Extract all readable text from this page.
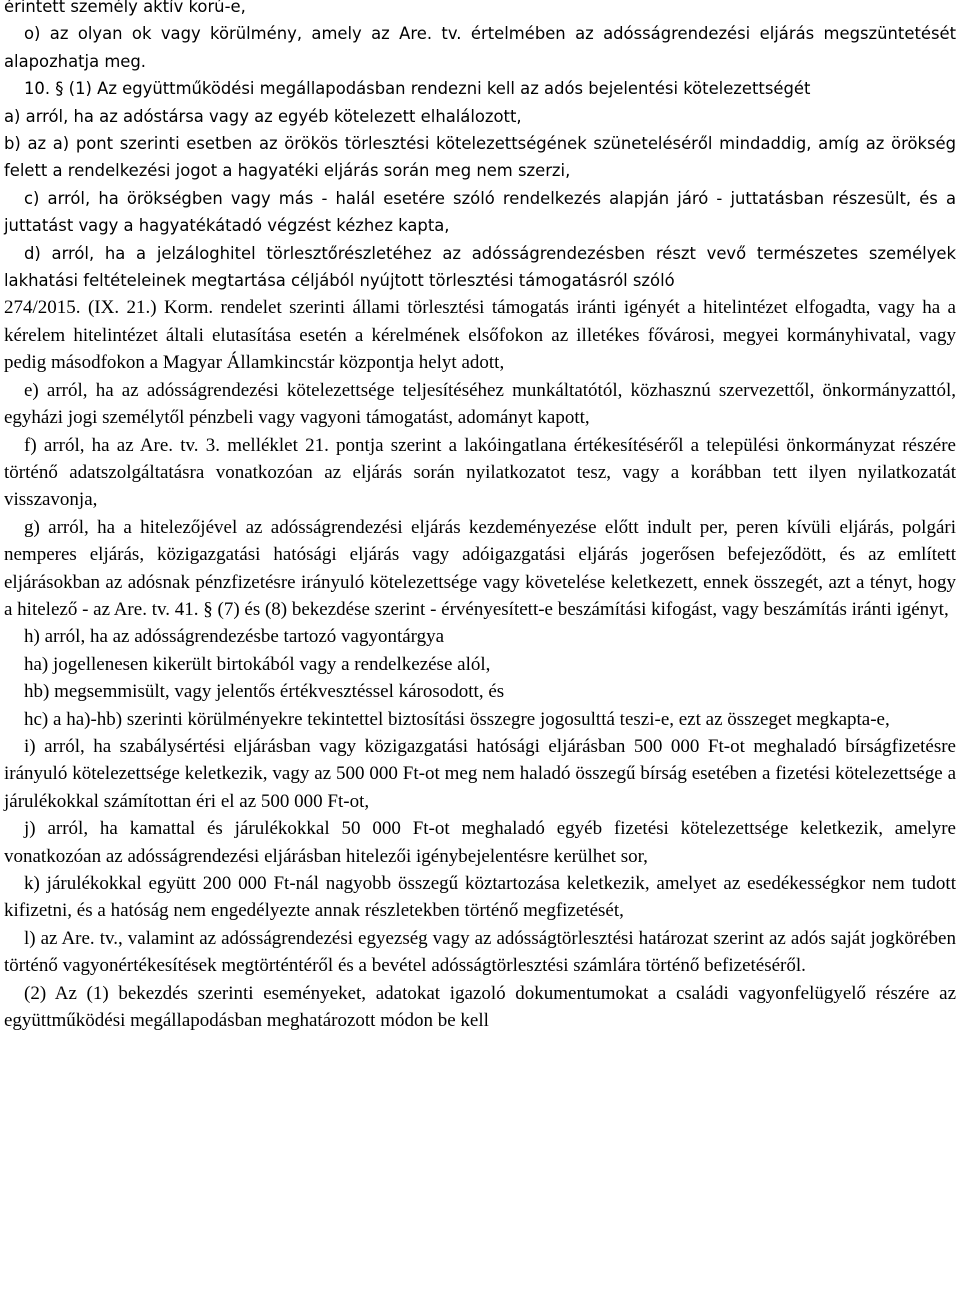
érintett személy aktív korú-e,

o) az olyan ok vagy körülmény, amely az Are. tv. értelmében az adósságrendezési eljárás megszüntetését alapozhatja meg.

10. § (1) Az együttműködési megállapodásban rendezni kell az adós bejelentési kötelezettségét

a) arról, ha az adóstársa vagy az egyéb kötelezett elhalálozott,

b) az a) pont szerinti esetben az örökös törlesztési kötelezettségének szüneteléséről mindaddig, amíg az örökség felett a rendelkezési jogot a hagyatéki eljárás során meg nem szerzi,

c) arról, ha örökségben vagy más - halál esetére szóló rendelkezés alapján járó - juttatásban részesült, és a juttatást vagy a hagyatékátadó végzést kézhez kapta,

d) arról, ha a jelzáloghitel törlesztőrészletéhez az adósságrendezésben részt vevő természetes személyek lakhatási feltételeinek megtartása céljából nyújtott törlesztési támogatásról szóló

274/2015. (IX. 21.) Korm. rendelet szerinti állami törlesztési támogatás iránti igényét a hitelintézet elfogadta, vagy ha a kérelem hitelintézet általi elutasítása esetén a kérelmének elsőfokon az illetékes fővárosi, megyei kormányhivatal, vagy pedig másodfokon a Magyar Államkincstár központja helyt adott,

e) arról, ha az adósságrendezési kötelezettsége teljesítéséhez munkáltatótól, közhasznú szervezettől, önkormányzattól, egyházi jogi személytől pénzbeli vagy vagyoni támogatást, adományt kapott,

f) arról, ha az Are. tv. 3. melléklet 21. pontja szerint a lakóingatlana értékesítéséről a települési önkormányzat részére történő adatszolgáltatásra vonatkozóan az eljárás során nyilatkozatot tesz, vagy a korábban tett ilyen nyilatkozatát visszavonja,

g) arról, ha a hitelezőjével az adósságrendezési eljárás kezdeményezése előtt indult per, peren kívüli eljárás, polgári nemperes eljárás, közigazgatási hatósági eljárás vagy adóigazgatási eljárás jogerősen befejeződött, és az említett eljárásokban az adósnak pénzfizetésre irányuló kötelezettsége vagy követelése keletkezett, ennek összegét, azt a tényt, hogy a hitelező - az Are. tv. 41. § (7) és (8) bekezdése szerint - érvényesített-e beszámítási kifogást, vagy beszámítás iránti igényt,

h) arról, ha az adósságrendezésbe tartozó vagyontárgya

ha) jogellenesen kikerült birtokából vagy a rendelkezése alól,

hb) megsemmisült, vagy jelentős értékvesztéssel károsodott, és

hc) a ha)-hb) szerinti körülményekre tekintettel biztosítási összegre jogosulttá teszi-e, ezt az összeget megkapta-e,

i) arról, ha szabálysértési eljárásban vagy közigazgatási hatósági eljárásban 500 000 Ft-ot meghaladó bírságfizetésre irányuló kötelezettsége keletkezik, vagy az 500 000 Ft-ot meg nem haladó összegű bírság esetében a fizetési kötelezettsége a járulékokkal számítottan éri el az 500 000 Ft-ot,

j) arról, ha kamattal és járulékokkal 50 000 Ft-ot meghaladó egyéb fizetési kötelezettsége keletkezik, amelyre vonatkozóan az adósságrendezési eljárásban hitelezői igénybejelentésre kerülhet sor,

k) járulékokkal együtt 200 000 Ft-nál nagyobb összegű köztartozása keletkezik, amelyet az esedékességkor nem tudott kifizetni, és a hatóság nem engedélyezte annak részletekben történő megfizetését,

l) az Are. tv., valamint az adósságrendezési egyezség vagy az adósságtörlesztési határozat szerint az adós saját jogkörében történő vagyonértékesítések megtörténtéről és a bevétel adósságtörlesztési számlára történő befizetéséről.

(2) Az (1) bekezdés szerinti eseményeket, adatokat igazoló dokumentumokat a családi vagyonfelügyelő részére az együttműködési megállapodásban meghatározott módon be kell
